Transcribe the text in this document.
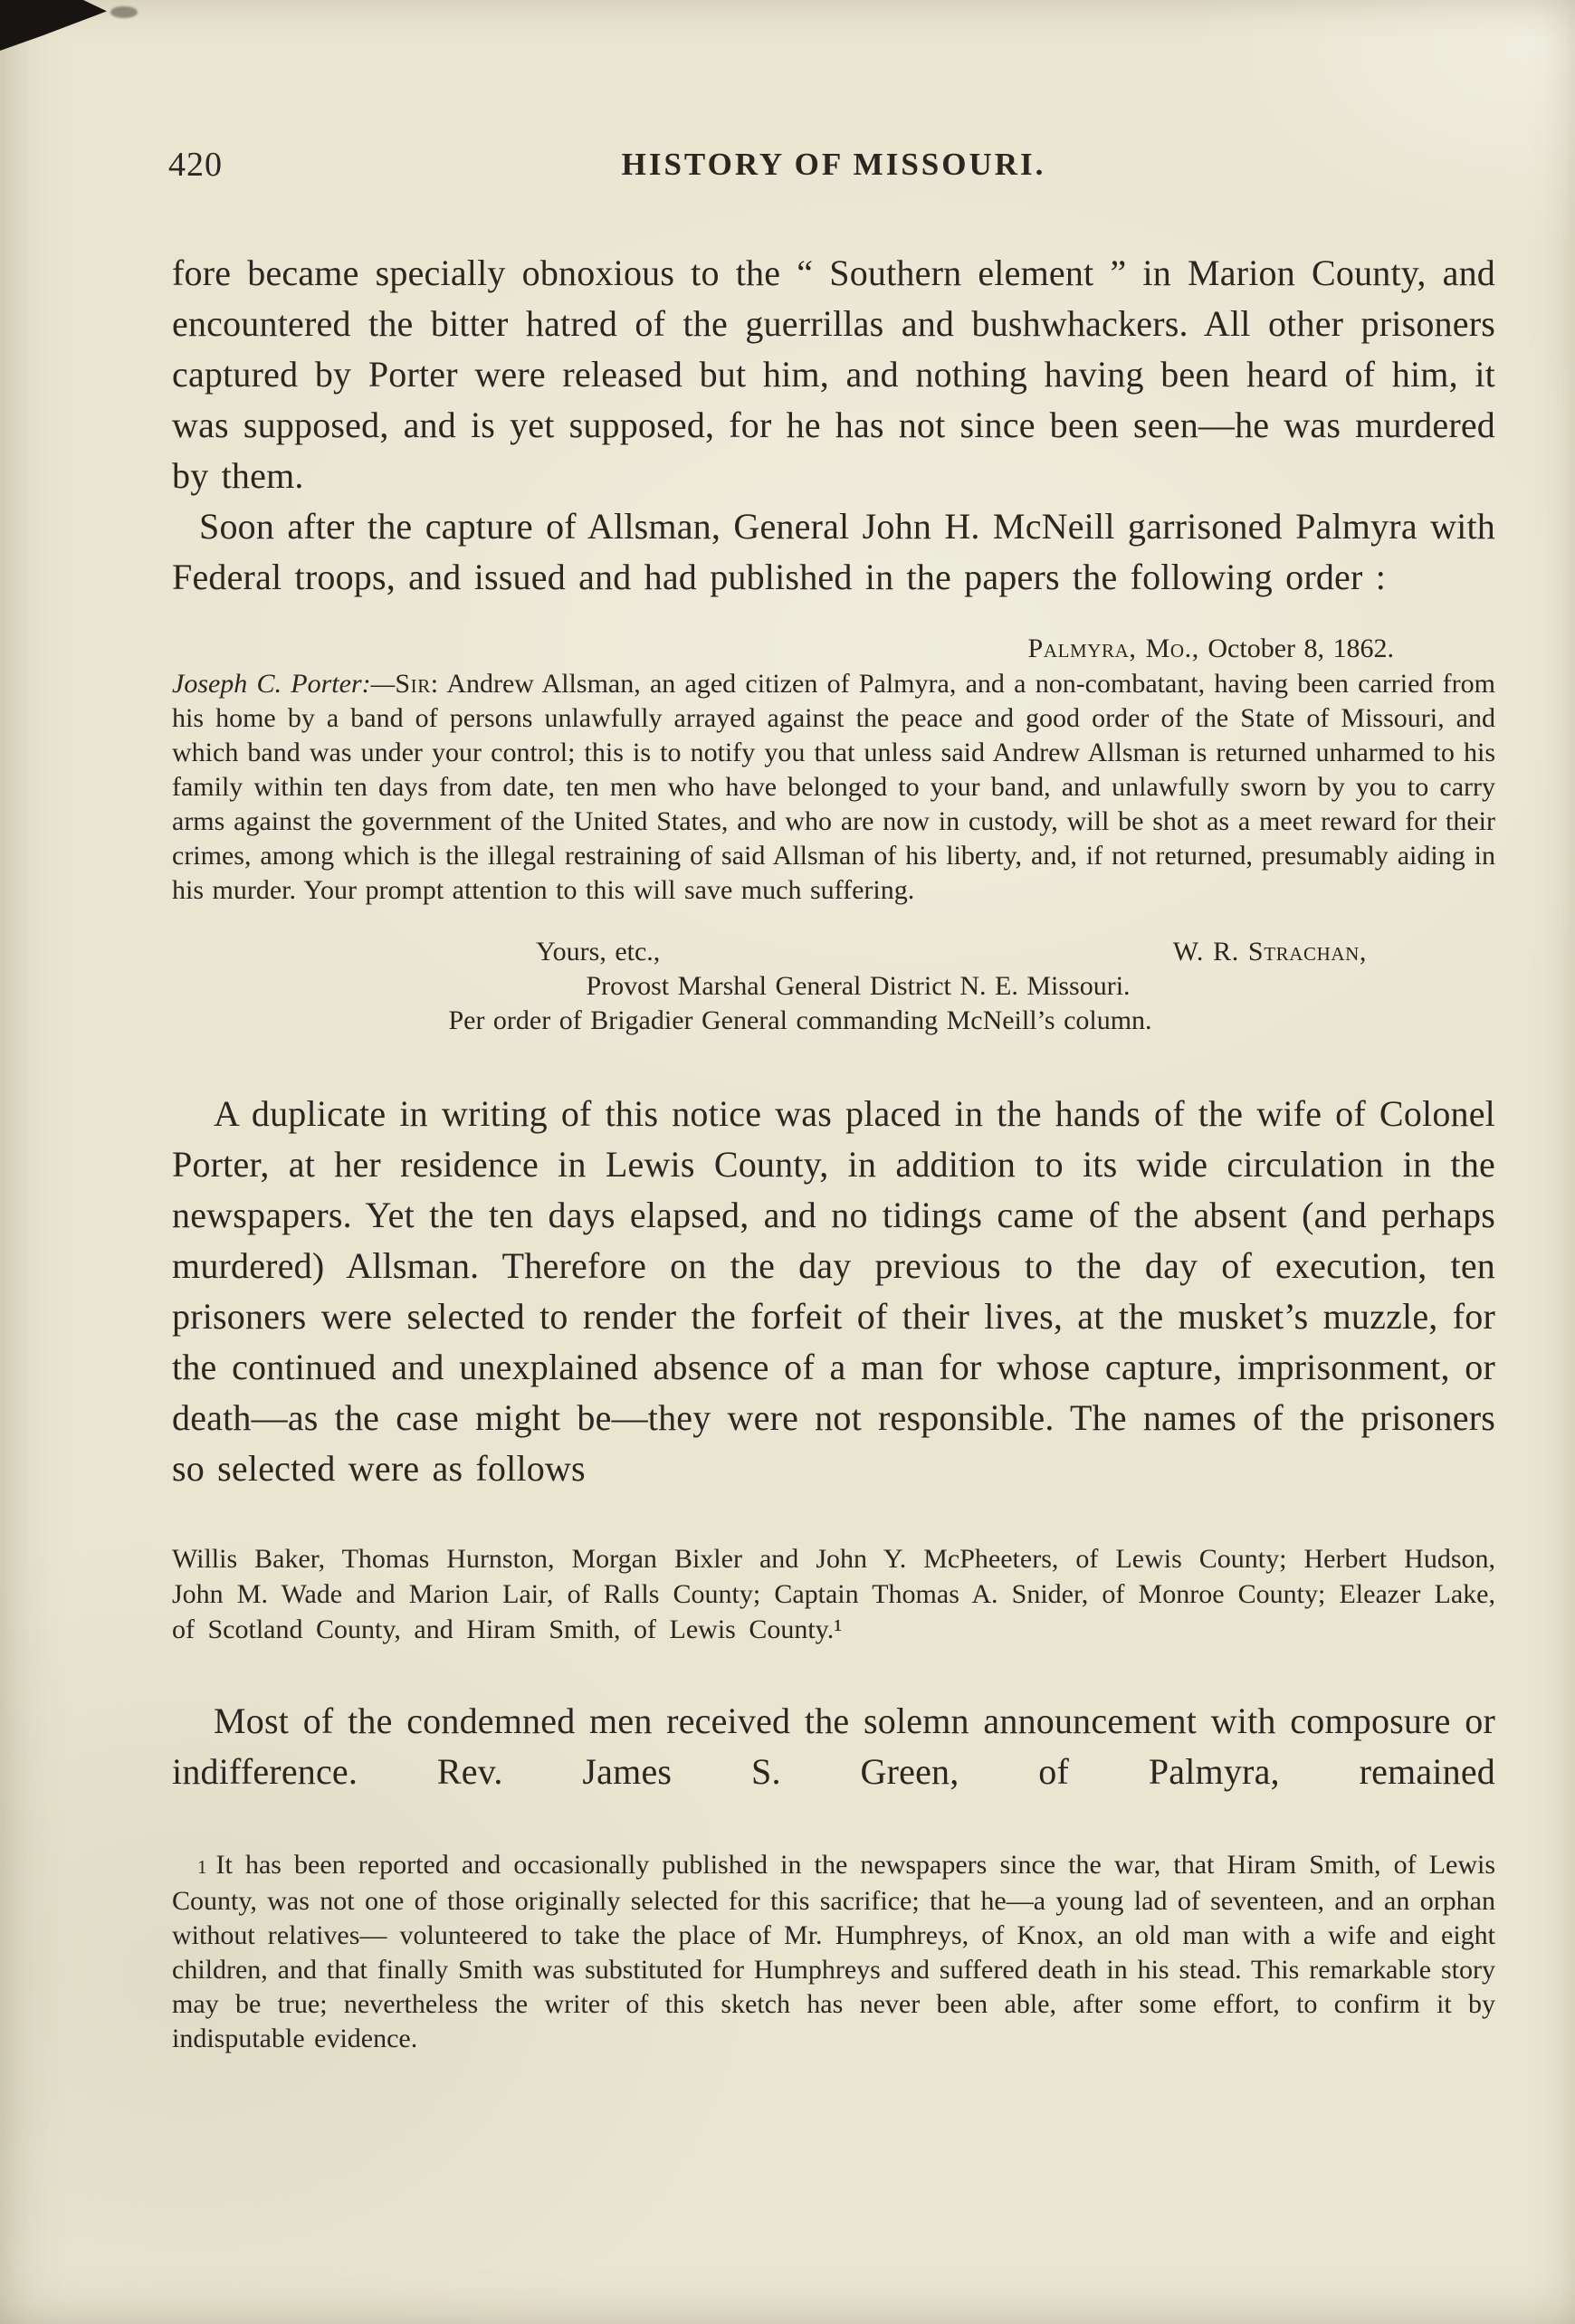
420	HISTORY OF MISSOURI.

fore became specially obnoxious to the “ Southern element ” in Marion County, and encountered the bitter hatred of the guerrillas and bushwhackers. All other prisoners captured by Porter were released but him, and nothing having been heard of him, it was supposed, and is yet supposed, for he has not since been seen—he was murdered by them.

Soon after the capture of Allsman, General John H. McNeill garrisoned Palmyra with Federal troops, and issued and had published in the papers the following order :

Palmyra, Mo., October 8, 1862.

Joseph C. Porter:—Sir: Andrew Allsman, an aged citizen of Palmyra, and a non-combatant, having been carried from his home by a band of persons unlawfully arrayed against the peace and good order of the State of Missouri, and which band was under your control; this is to notify you that unless said Andrew Allsman is returned unharmed to his family within ten days from date, ten men who have belonged to your band, and unlawfully sworn by you to carry arms against the government of the United States, and who are now in custody, will be shot as a meet reward for their crimes, among which is the illegal restraining of said Allsman of his liberty, and, if not returned, presumably aiding in his murder. Your prompt attention to this will save much suffering.

Yours, etc.,	W. R. Strachan,
Provost Marshal General District N. E. Missouri.
Per order of Brigadier General commanding McNeill’s column.

A duplicate in writing of this notice was placed in the hands of the wife of Colonel Porter, at her residence in Lewis County, in addition to its wide circulation in the newspapers. Yet the ten days elapsed, and no tidings came of the absent (and perhaps murdered) Allsman. Therefore on the day previous to the day of execution, ten prisoners were selected to render the forfeit of their lives, at the musket’s muzzle, for the continued and unexplained absence of a man for whose capture, imprisonment, or death—as the case might be—they were not responsible. The names of the prisoners so selected were as follows

Willis Baker, Thomas Hurnston, Morgan Bixler and John Y. McPheeters, of Lewis County; Herbert Hudson, John M. Wade and Marion Lair, of Ralls County; Captain Thomas A. Snider, of Monroe County; Eleazer Lake, of Scotland County, and Hiram Smith, of Lewis County.¹

Most of the condemned men received the solemn announcement with composure or indifference. Rev. James S. Green, of Palmyra, remained

1 It has been reported and occasionally published in the newspapers since the war, that Hiram Smith, of Lewis County, was not one of those originally selected for this sacrifice; that he—a young lad of seventeen, and an orphan without relatives— volunteered to take the place of Mr. Humphreys, of Knox, an old man with a wife and eight children, and that finally Smith was substituted for Humphreys and suffered death in his stead. This remarkable story may be true; nevertheless the writer of this sketch has never been able, after some effort, to confirm it by indisputable evidence.
